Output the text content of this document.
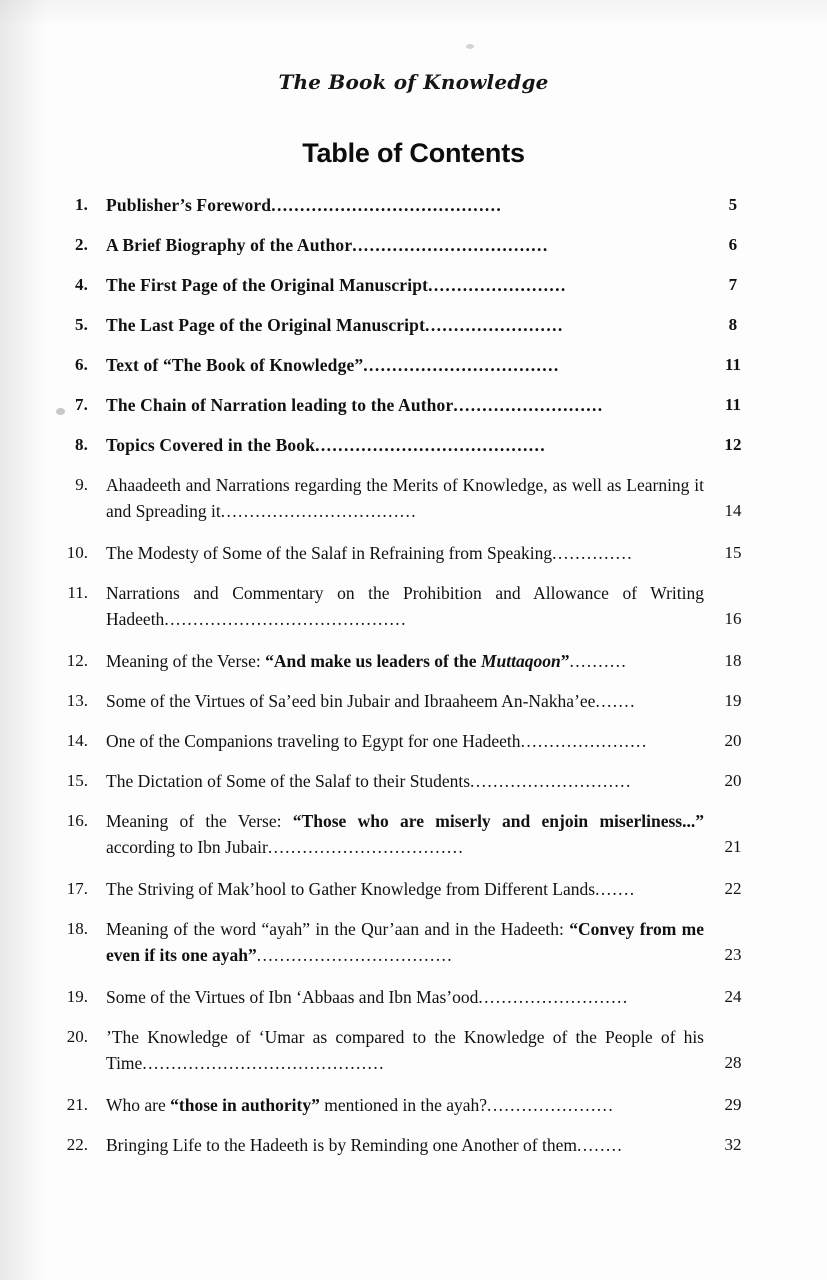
The Book of Knowledge
Table of Contents
1.	Publisher’s Foreword........................................	5
2.	A Brief Biography of the Author..................................	6
4.	The First Page of the Original Manuscript........................	7
5.	The Last Page of the Original Manuscript........................	8
6.	Text of “The Book of Knowledge”..................................	11
7.	The Chain of Narration leading to the Author..........................	11
8.	Topics Covered in the Book........................................	12
9.	Ahaadeeth and Narrations regarding the Merits of Knowledge, as well as Learning it and Spreading it..................................	14
10.	The Modesty of Some of the Salaf in Refraining from Speaking..............	15
11.	Narrations and Commentary on the Prohibition and Allowance of Writing Hadeeth..........................................	16
12.	Meaning of the Verse: “And make us leaders of the Muttaqoon”..........	18
13.	Some of the Virtues of Sa’eed bin Jubair and Ibraaheem An-Nakha’ee.......	19
14.	One of the Companions traveling to Egypt for one Hadeeth......................	20
15.	The Dictation of Some of the Salaf to their Students............................	20
16.	Meaning of the Verse: “Those who are miserly and enjoin miserliness...” according to Ibn Jubair..................................	21
17.	The Striving of Mak’hool to Gather Knowledge from Different Lands.......	22
18.	Meaning of the word “ayah” in the Qur’aan and in the Hadeeth: “Convey from me even if its one ayah”..................................	23
19.	Some of the Virtues of Ibn ‘Abbaas and Ibn Mas’ood..........................	24
20.	’The Knowledge of ‘Umar as compared to the Knowledge of the People of his Time..........................................	28
21.	Who are “those in authority” mentioned in the ayah?......................	29
22.	Bringing Life to the Hadeeth is by Reminding one Another of them........	32
